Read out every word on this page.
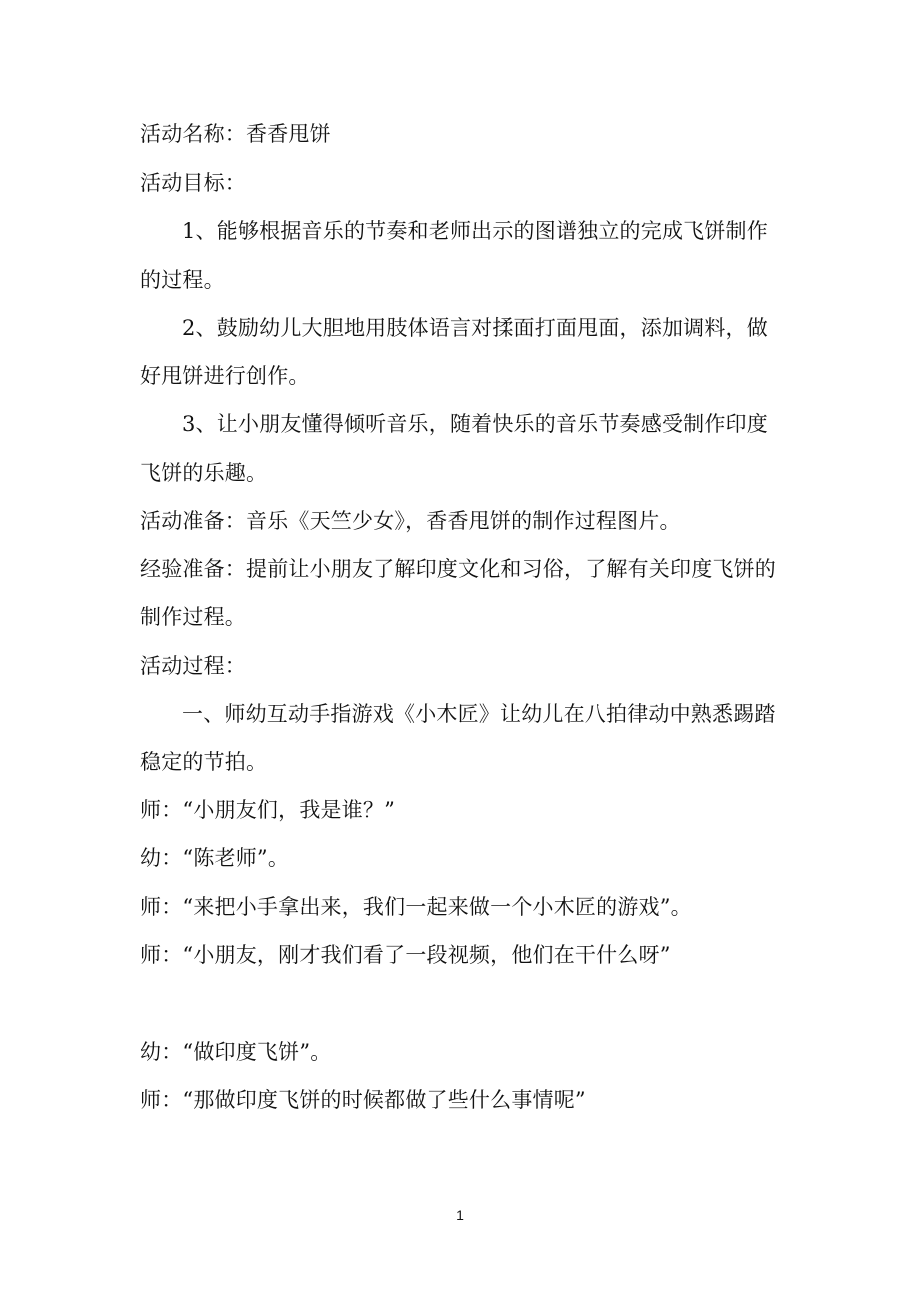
活动名称：香香甩饼
活动目标：
1、能够根据音乐的节奏和老师出示的图谱独立的完成飞饼制作
的过程。
2、鼓励幼儿大胆地用肢体语言对揉面打面甩面，添加调料，做
好甩饼进行创作。
3、让小朋友懂得倾听音乐，随着快乐的音乐节奏感受制作印度
飞饼的乐趣。
活动准备：音乐《天竺少女》，香香甩饼的制作过程图片。
经验准备：提前让小朋友了解印度文化和习俗，了解有关印度飞饼的
制作过程。
活动过程：
一、师幼互动手指游戏《小木匠》让幼儿在八拍律动中熟悉踢踏
稳定的节拍。
师：“小朋友们，我是谁？”
幼：“陈老师”。
师：“来把小手拿出来，我们一起来做一个小木匠的游戏”。
师：“小朋友，刚才我们看了一段视频，他们在干什么呀”
幼：“做印度飞饼”。
师：“那做印度飞饼的时候都做了些什么事情呢”
1
